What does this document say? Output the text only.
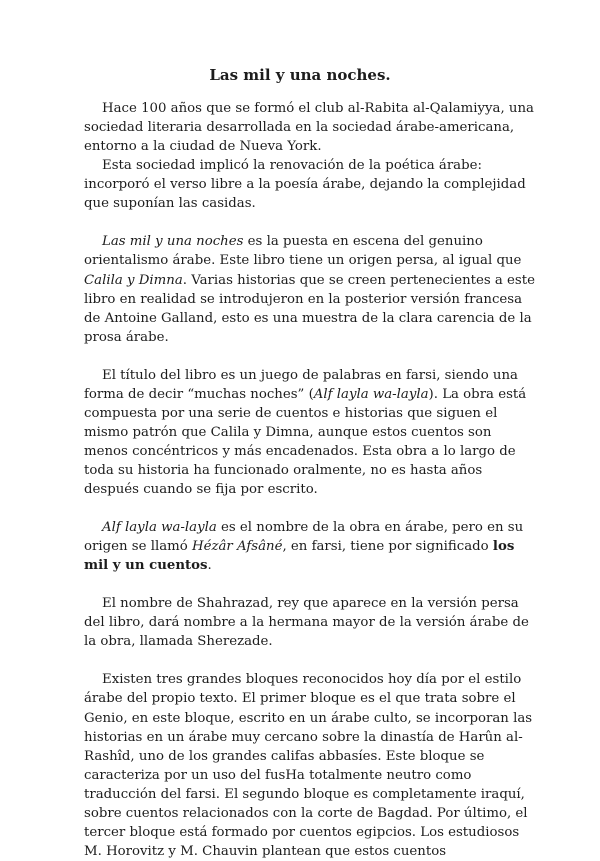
Las mil y una noches.

Hace 100 años que se formó el club al-Rabita al-Qalamiyya, una sociedad literaria desarrollada en la sociedad árabe-americana, entorno a la ciudad de Nueva York.

Esta sociedad implicó la renovación de la poética árabe: incorporó el verso libre a la poesía árabe, dejando la complejidad que suponían las casidas.

Las mil y una noches es la puesta en escena del genuino orientalismo árabe. Este libro tiene un origen persa, al igual que Calila y Dimna. Varias historias que se creen pertenecientes a este libro en realidad se introdujeron en la posterior versión francesa de Antoine Galland, esto es una muestra de la clara carencia de la prosa árabe.

El título del libro es un juego de palabras en farsi, siendo una forma de decir “muchas noches” (Alf layla wa-layla). La obra está compuesta por una serie de cuentos e historias que siguen el mismo patrón que Calila y Dimna, aunque estos cuentos son menos concéntricos y más encadenados. Esta obra a lo largo de toda su historia ha funcionado oralmente, no es hasta años después cuando se fija por escrito.

Alf layla wa-layla es el nombre de la obra en árabe, pero en su origen se llamó Hézâr Afsâné, en farsi, tiene por significado los mil y un cuentos.

El nombre de Shahrazad, rey que aparece en la versión persa del libro, dará nombre a la hermana mayor de la versión árabe de la obra, llamada Sherezade.

Existen tres grandes bloques reconocidos hoy día por el estilo árabe del propio texto. El primer bloque es el que trata sobre el Genio, en este bloque, escrito en un árabe culto, se incorporan las historias en un árabe muy cercano sobre la dinastía de Harûn al-Rashîd, uno de los grandes califas abbasíes. Este bloque se caracteriza por un uso del fusHa totalmente neutro como traducción del farsi. El segundo bloque es completamente iraquí, sobre cuentos relacionados con la corte de Bagdad. Por último, el tercer bloque está formado por cuentos egipcios. Los estudiosos M. Horovitz y M. Chauvin plantean que estos cuentos
